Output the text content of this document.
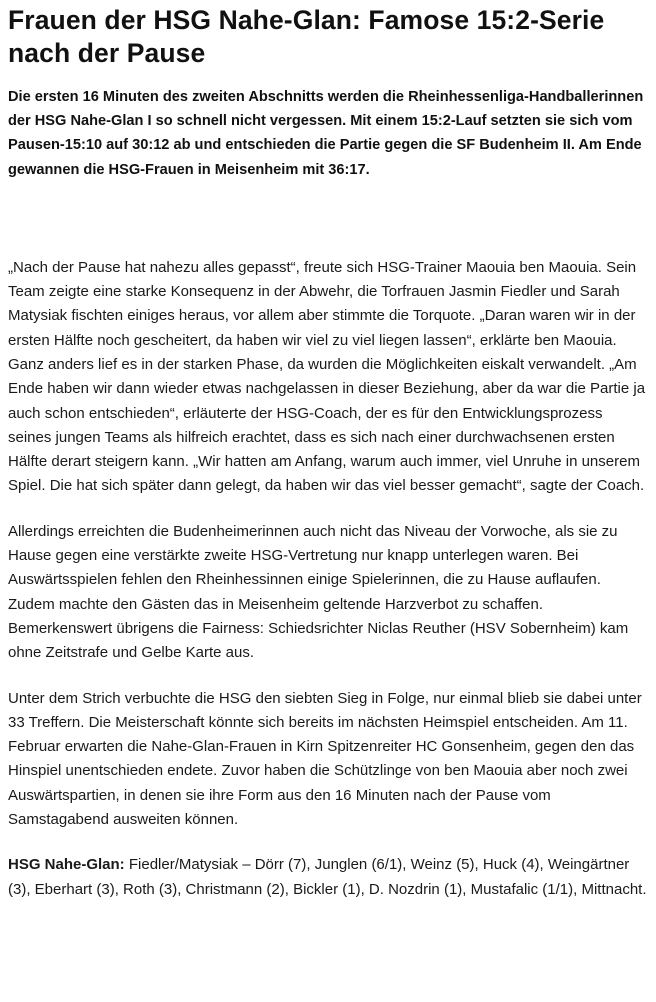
Frauen der HSG Nahe-Glan: Famose 15:2-Serie nach der Pause

Die ersten 16 Minuten des zweiten Abschnitts werden die Rheinhessenliga-Handballerinnen der HSG Nahe-Glan I so schnell nicht vergessen. Mit einem 15:2-Lauf setzten sie sich vom Pausen-15:10 auf 30:12 ab und entschieden die Partie gegen die SF Budenheim II. Am Ende gewannen die HSG-Frauen in Meisenheim mit 36:17.

„Nach der Pause hat nahezu alles gepasst“, freute sich HSG-Trainer Maouia ben Maouia. Sein Team zeigte eine starke Konsequenz in der Abwehr, die Torfrauen Jasmin Fiedler und Sarah Matysiak fischten einiges heraus, vor allem aber stimmte die Torquote. „Daran waren wir in der ersten Hälfte noch gescheitert, da haben wir viel zu viel liegen lassen“, erklärte ben Maouia. Ganz anders lief es in der starken Phase, da wurden die Möglichkeiten eiskalt verwandelt. „Am Ende haben wir dann wieder etwas nachgelassen in dieser Beziehung, aber da war die Partie ja auch schon entschieden“, erläuterte der HSG-Coach, der es für den Entwicklungsprozess seines jungen Teams als hilfreich erachtet, dass es sich nach einer durchwachsenen ersten Hälfte derart steigern kann. „Wir hatten am Anfang, warum auch immer, viel Unruhe in unserem Spiel. Die hat sich später dann gelegt, da haben wir das viel besser gemacht“, sagte der Coach.

Allerdings erreichten die Budenheimerinnen auch nicht das Niveau der Vorwoche, als sie zu Hause gegen eine verstärkte zweite HSG-Vertretung nur knapp unterlegen waren. Bei Auswärtsspielen fehlen den Rheinhessinnen einige Spielerinnen, die zu Hause auflaufen. Zudem machte den Gästen das in Meisenheim geltende Harzverbot zu schaffen. Bemerkenswert übrigens die Fairness: Schiedsrichter Niclas Reuther (HSV Sobernheim) kam ohne Zeitstrafe und Gelbe Karte aus.

Unter dem Strich verbuchte die HSG den siebten Sieg in Folge, nur einmal blieb sie dabei unter 33 Treffern. Die Meisterschaft könnte sich bereits im nächsten Heimspiel entscheiden. Am 11. Februar erwarten die Nahe-Glan-Frauen in Kirn Spitzenreiter HC Gonsenheim, gegen den das Hinspiel unentschieden endete. Zuvor haben die Schützlinge von ben Maouia aber noch zwei Auswärtspartien, in denen sie ihre Form aus den 16 Minuten nach der Pause vom Samstagabend ausweiten können.

HSG Nahe-Glan: Fiedler/Matysiak – Dörr (7), Junglen (6/1), Weinz (5), Huck (4), Weingärtner (3), Eberhart (3), Roth (3), Christmann (2), Bickler (1), D. Nozdrin (1), Mustafalic (1/1), Mittnacht.
